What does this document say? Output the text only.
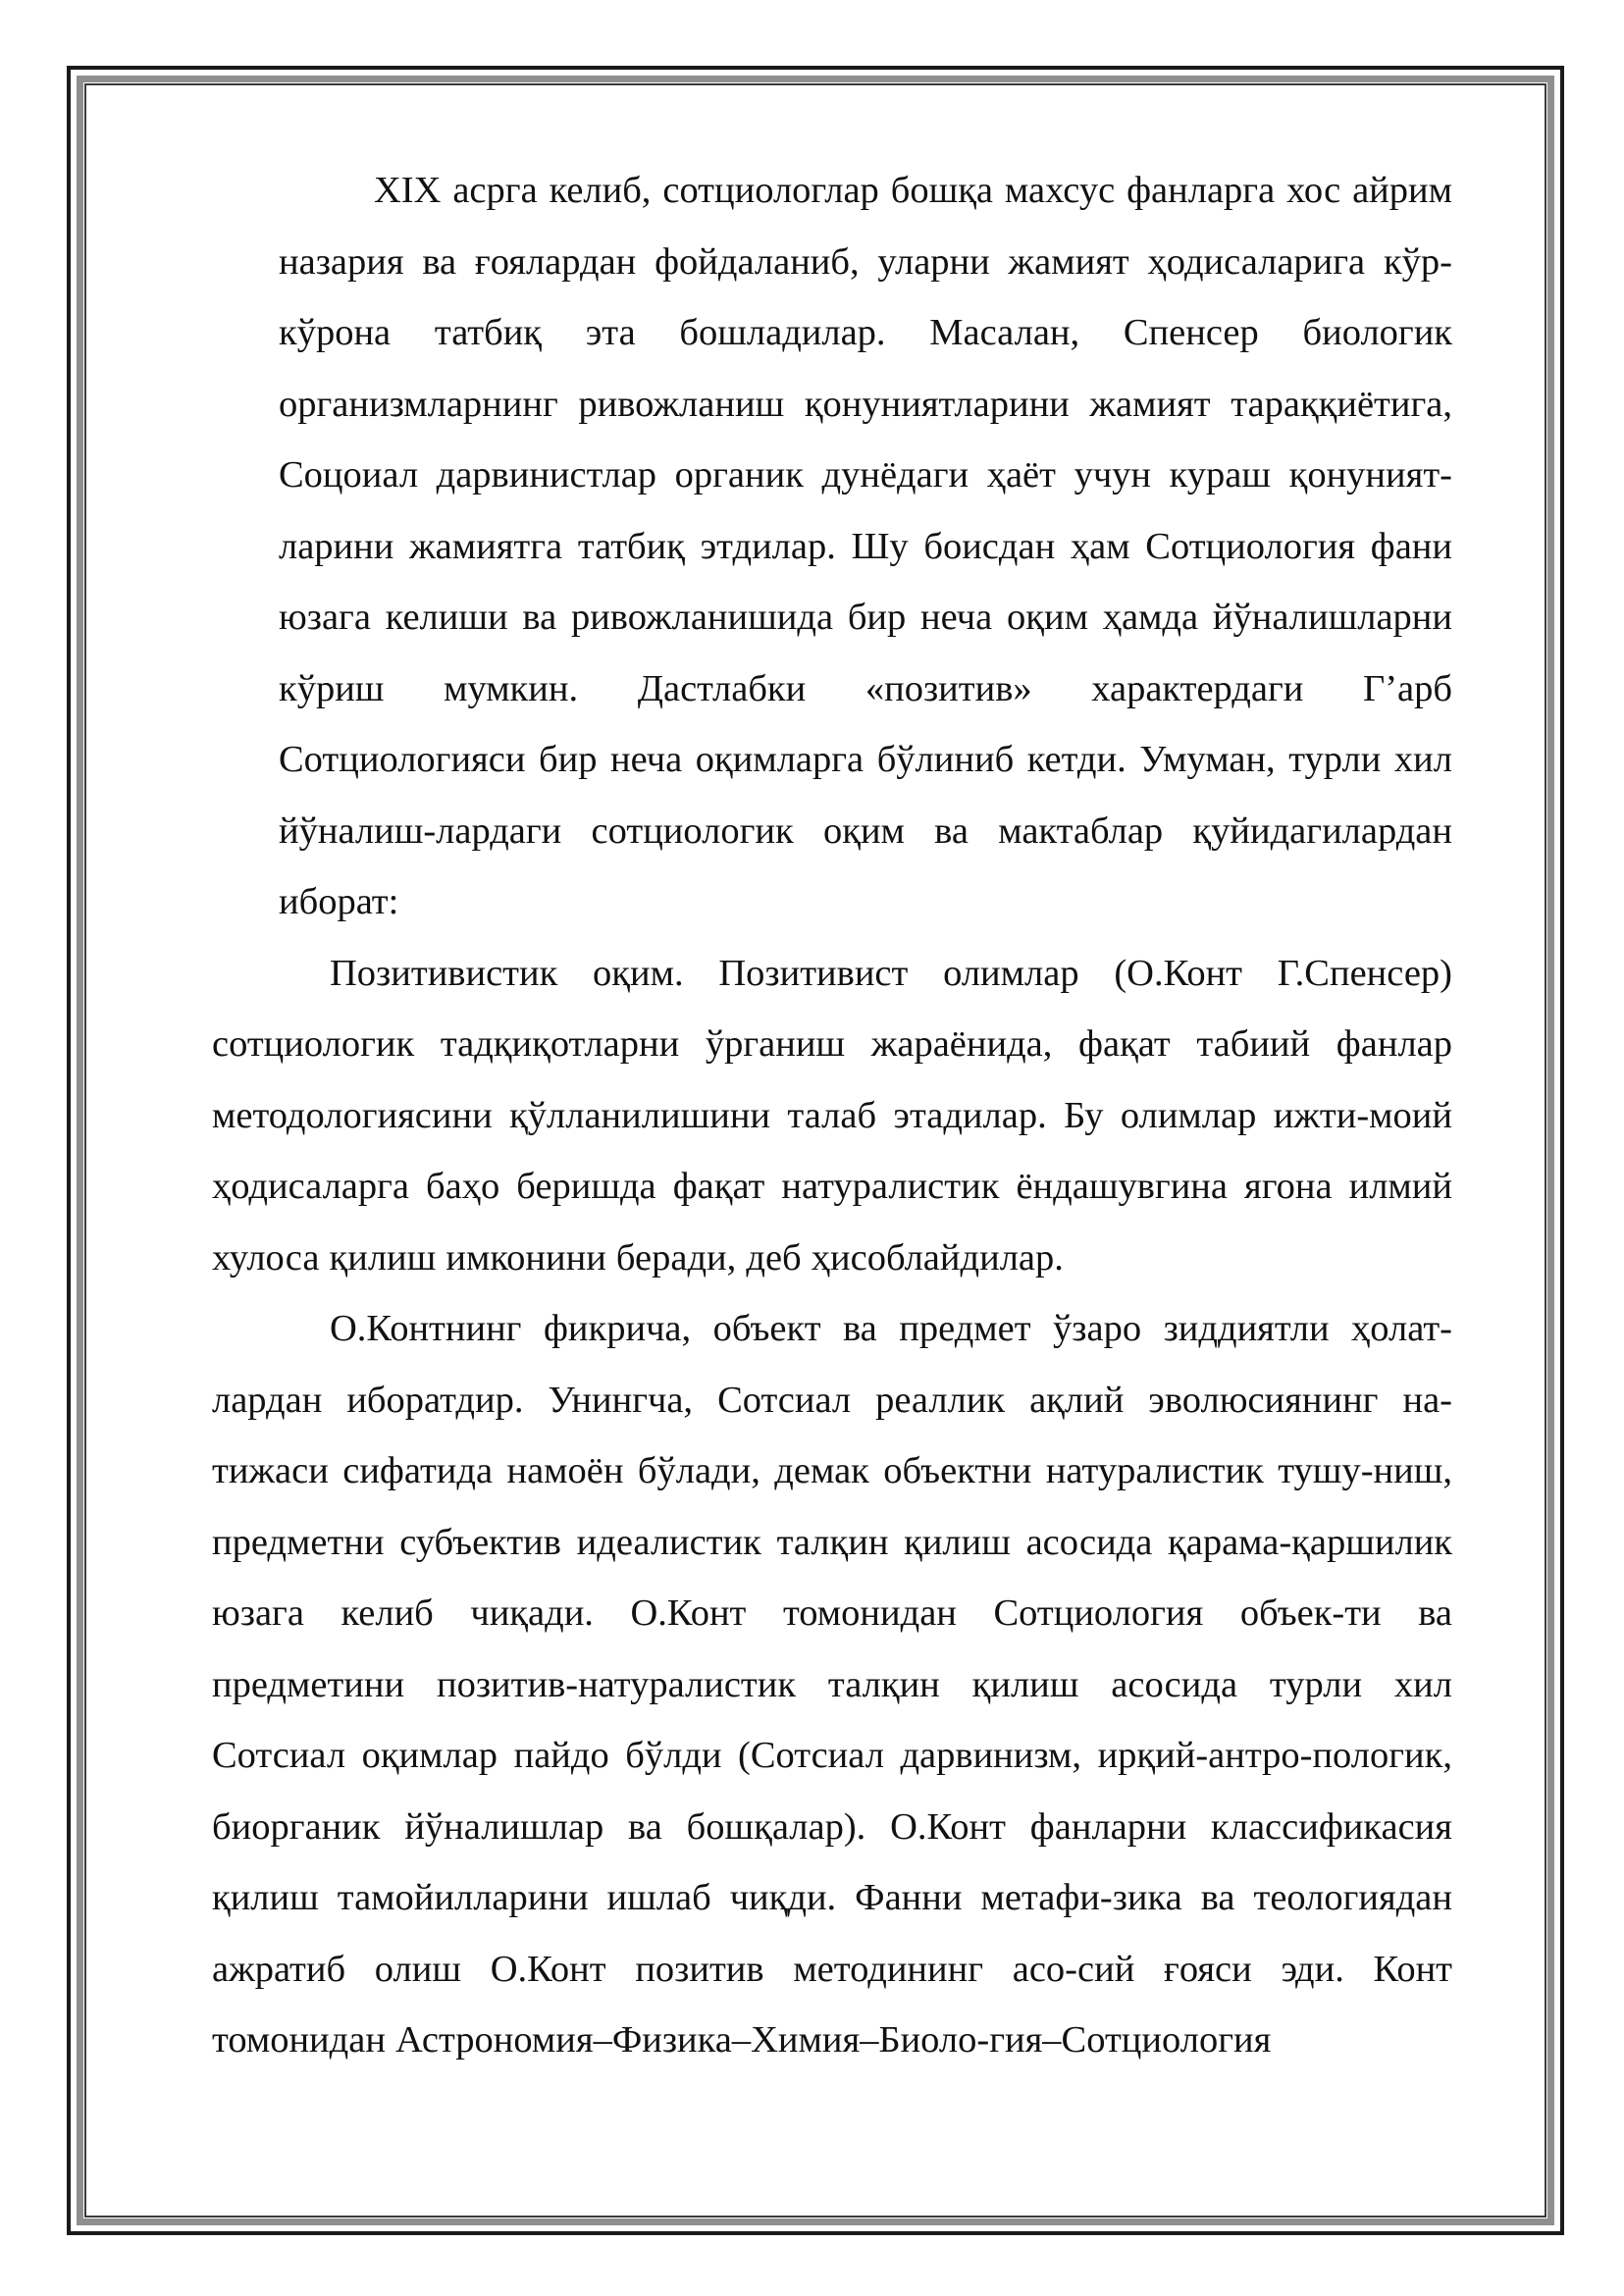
XIX асрга келиб, сотциологлар бошқа махсус фанларга хос айрим назария ва ғоялардан фойдаланиб, уларни жамият ҳодисаларига кўр-кўрона татбиқ эта бошладилар. Масалан, Спенсер биологик организмларнинг ривожланиш қонуниятларини жамият тараққиётига, Соцоиал дарвинистлар органик дунёдаги ҳаёт учун кураш қонуният-ларини жамиятга татбиқ этдилар. Шу боисдан ҳам Сотциология фани юзага келиши ва ривожланишида бир неча оқим ҳамда йўналишларни кўриш мумкин. Дастлабки «позитив» характердаги Г’арб Сотциологияси бир неча оқимларга бўлиниб кетди. Умуман, турли хил йўналиш-лардаги сотциологик оқим ва мактаблар қуйидагилардан иборат:

Позитивистик оқим. Позитивист олимлар (О.Конт Г.Спенсер) сотциологик тадқиқотларни ўрганиш жараёнида, фақат табиий фанлар методологиясини қўлланилишини талаб этадилар. Бу олимлар ижти-моий ҳодисаларга баҳо беришда фақат натуралистик ёндашувгина ягона илмий хулоса қилиш имконини беради, деб ҳисоблайдилар.

О.Контнинг фикрича, объект ва предмет ўзаро зиддиятли ҳолат-лардан иборатдир. Унингча, Сотсиал реаллик ақлий эволюсиянинг на-тижаси сифатида намоён бўлади, демак объектни натуралистик тушу-ниш, предметни субъектив идеалистик талқин қилиш асосида қарама-қаршилик юзага келиб чиқади. О.Конт томонидан Сотциология объек-ти ва предметини позитив-натуралистик талқин қилиш асосида турли хил Сотсиал оқимлар пайдо бўлди (Сотсиал дарвинизм, ирқий-антро-пологик, биорганик йўналишлар ва бошқалар). О.Конт фанларни классификасия қилиш тамойилларини ишлаб чиқди. Фанни метафи-зика ва теологиядан ажратиб олиш О.Конт позитив методининг асо-сий ғояси эди. Конт томонидан Астрономия–Физика–Химия–Биоло-гия–Сотциология
